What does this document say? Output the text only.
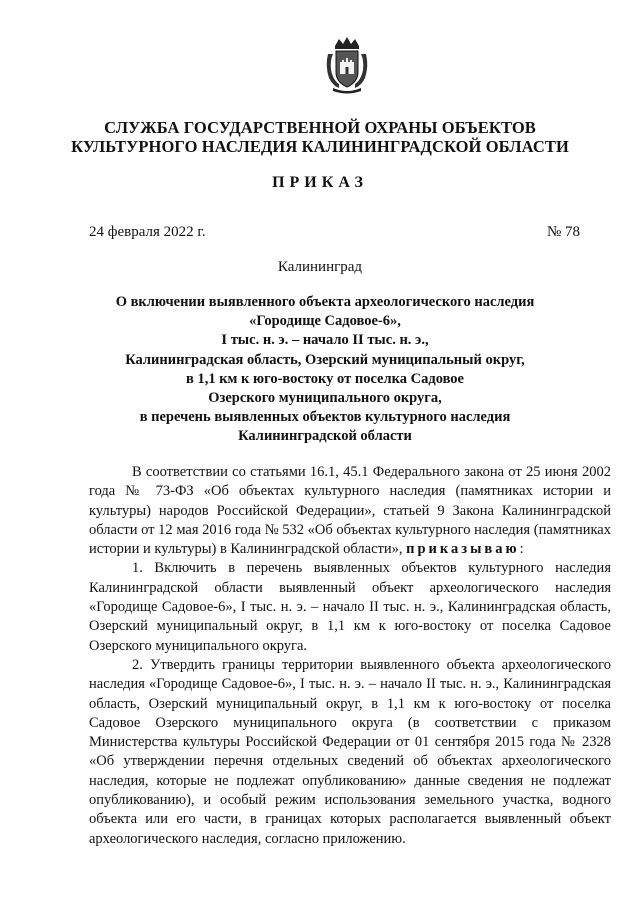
СЛУЖБА ГОСУДАРСТВЕННОЙ ОХРАНЫ ОБЪЕКТОВ
КУЛЬТУРНОГО НАСЛЕДИЯ КАЛИНИНГРАДСКОЙ ОБЛАСТИ
ПРИКАЗ
24 февраля 2022 г.	№ 78
Калининград
О включении выявленного объекта археологического наследия
«Городище Садовое-6»,
I тыс. н. э. – начало II тыс. н. э.,
Калининградская область, Озерский муниципальный округ,
в 1,1 км к юго-востоку от поселка Садовое
Озерского муниципального округа,
в перечень выявленных объектов культурного наследия
Калининградской области

В соответствии со статьями 16.1, 45.1 Федерального закона от 25 июня 2002 года № 73-ФЗ «Об объектах культурного наследия (памятниках истории и культуры) народов Российской Федерации», статьей 9 Закона Калининградской области от 12 мая 2016 года № 532 «Об объектах культурного наследия (памятниках истории и культуры) в Калининградской области», приказываю:

1. Включить в перечень выявленных объектов культурного наследия Калининградской области выявленный объект археологического наследия «Городище Садовое-6», I тыс. н. э. – начало II тыс. н. э., Калининградская область, Озерский муниципальный округ, в 1,1 км к юго-востоку от поселка Садовое Озерского муниципального округа.

2. Утвердить границы территории выявленного объекта археологического наследия «Городище Садовое-6», I тыс. н. э. – начало II тыс. н. э., Калининградская область, Озерский муниципальный округ, в 1,1 км к юго-востоку от поселка Садовое Озерского муниципального округа (в соответствии с приказом Министерства культуры Российской Федерации от 01 сентября 2015 года № 2328 «Об утверждении перечня отдельных сведений об объектах археологического наследия, которые не подлежат опубликованию» данные сведения не подлежат опубликованию), и особый режим использования земельного участка, водного объекта или его части, в границах которых располагается выявленный объект археологического наследия, согласно приложению.
